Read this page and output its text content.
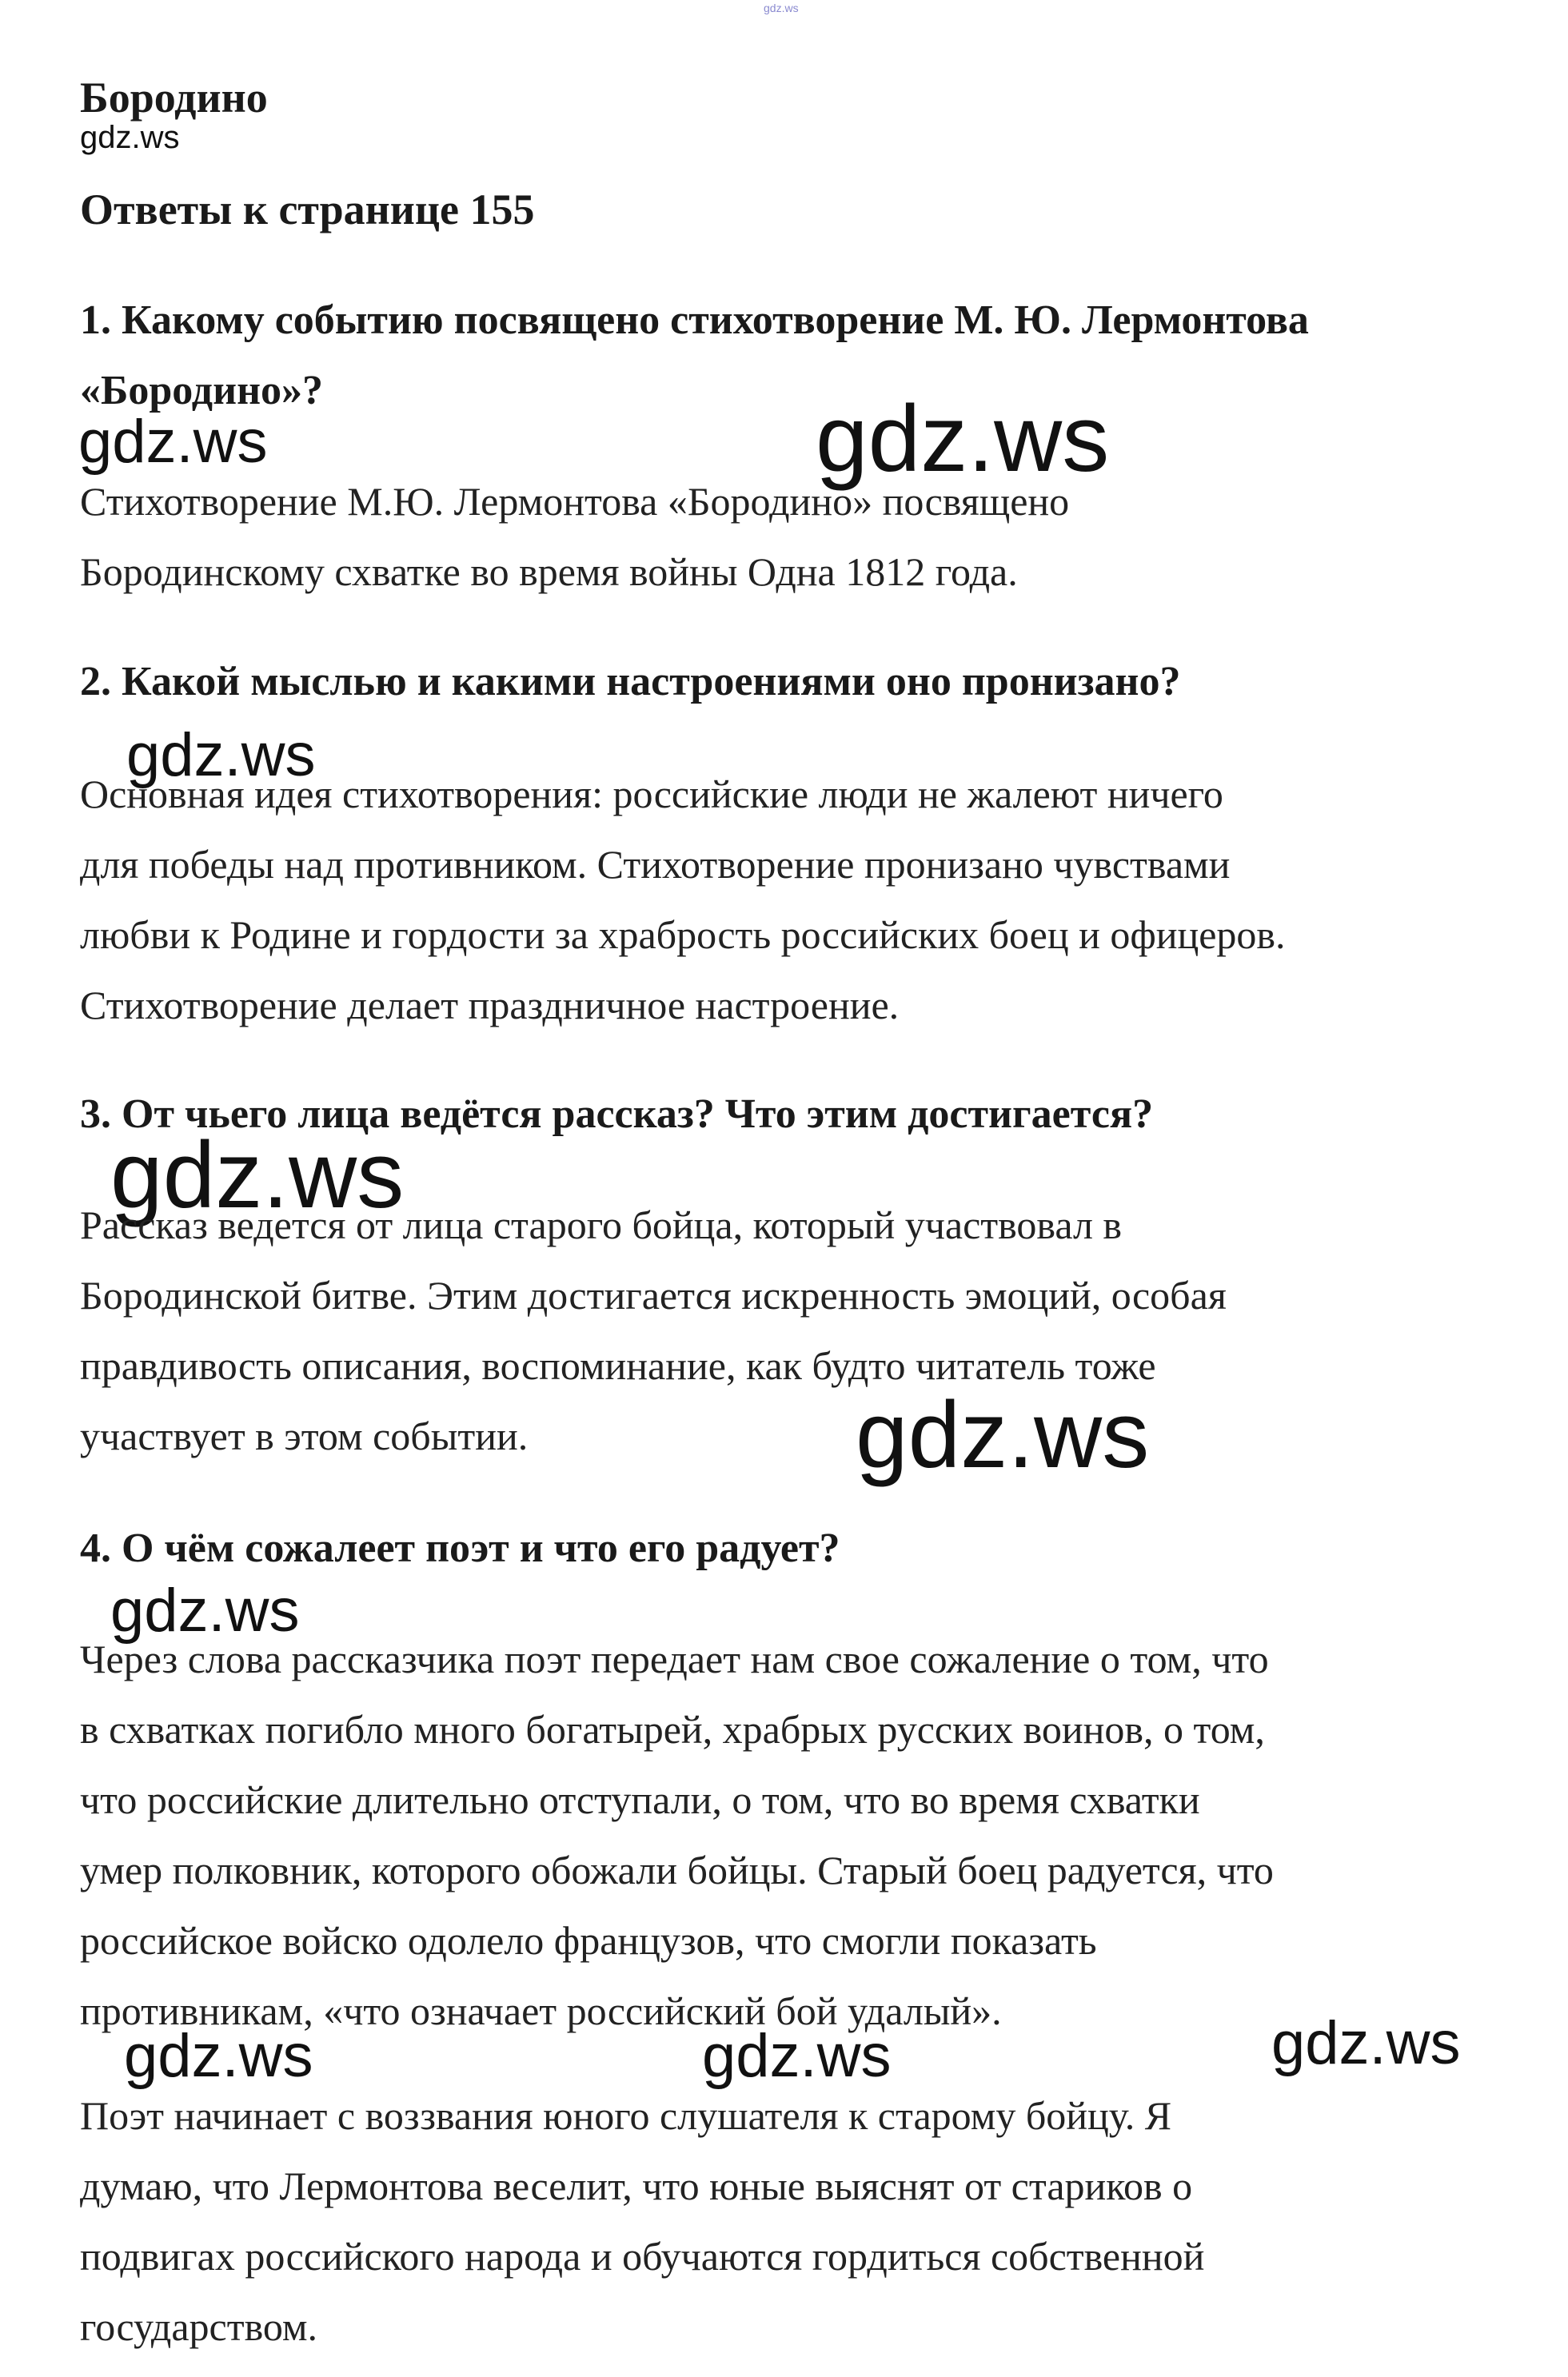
gdz.ws
Бородино
gdz.ws
Ответы к странице 155
1. Какому событию посвящено стихотворение М. Ю. Лермонтова
«Бородино»?
gdz.ws	gdz.ws
Стихотворение М.Ю. Лермонтова «Бородино» посвящено
Бородинскому схватке во время войны Одна 1812 года.
2. Какой мыслью и какими настроениями оно пронизано?
gdz.ws
Основная идея стихотворения: российские люди не жалеют ничего
для победы над противником. Стихотворение пронизано чувствами
любви к Родине и гордости за храбрость российских боец и офицеров.
Стихотворение делает праздничное настроение.
3. От чьего лица ведётся рассказ? Что этим достигается?
gdz.ws
Рассказ ведется от лица старого бойца, который участвовал в
Бородинской битве. Этим достигается искренность эмоций, особая
правдивость описания, воспоминание, как будто читатель тоже
участвует в этом событии.	gdz.ws
4. О чём сожалеет поэт и что его радует?
gdz.ws
Через слова рассказчика поэт передает нам свое сожаление о том, что
в схватках погибло много богатырей, храбрых русских воинов, о том,
что российские длительно отступали, о том, что во время схватки
умер полковник, которого обожали бойцы. Старый боец радуется, что
российское войско одолело французов, что смогли показать
противникам, «что означает российский бой удалый».
gdz.ws	gdz.ws	gdz.ws
Поэт начинает с воззвания юного слушателя к старому бойцу. Я
думаю, что Лермонтова веселит, что юные выяснят от стариков о
подвигах российского народа и обучаются гордиться собственной
государством.
